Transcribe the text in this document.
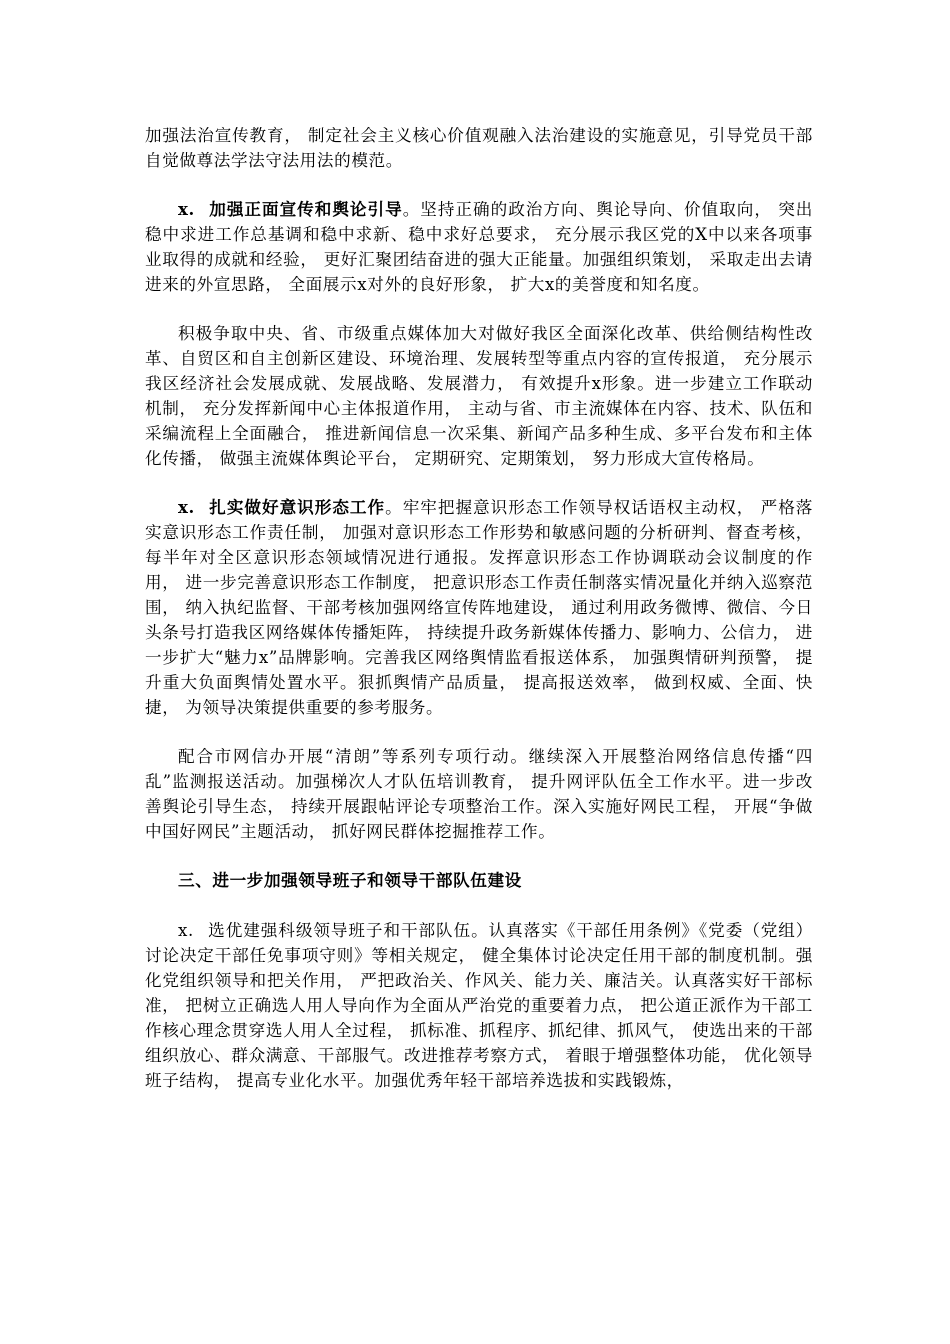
加强法治宣传教育， 制定社会主义核心价值观融入法治建设的实施意见，引导党员干部自觉做尊法学法守法用法的模范。

x. 加强正面宣传和舆论引导。坚持正确的政治方向、舆论导向、价值取向， 突出稳中求进工作总基调和稳中求新、稳中求好总要求， 充分展示我区党的X中以来各项事业取得的成就和经验， 更好汇聚团结奋进的强大正能量。加强组织策划， 采取走出去请进来的外宣思路， 全面展示x对外的良好形象， 扩大x的美誉度和知名度。

积极争取中央、省、市级重点媒体加大对做好我区全面深化改革、供给侧结构性改革、自贸区和自主创新区建设、环境治理、发展转型等重点内容的宣传报道， 充分展示我区经济社会发展成就、发展战略、发展潜力， 有效提升x形象。进一步建立工作联动机制， 充分发挥新闻中心主体报道作用， 主动与省、市主流媒体在内容、技术、队伍和采编流程上全面融合， 推进新闻信息一次采集、新闻产品多种生成、多平台发布和主体化传播， 做强主流媒体舆论平台， 定期研究、定期策划， 努力形成大宣传格局。

x. 扎实做好意识形态工作。牢牢把握意识形态工作领导权话语权主动权， 严格落实意识形态工作责任制， 加强对意识形态工作形势和敏感问题的分析研判、督查考核， 每半年对全区意识形态领域情况进行通报。发挥意识形态工作协调联动会议制度的作用， 进一步完善意识形态工作制度， 把意识形态工作责任制落实情况量化并纳入巡察范围， 纳入执纪监督、干部考核加强网络宣传阵地建设， 通过利用政务微博、微信、今日头条号打造我区网络媒体传播矩阵， 持续提升政务新媒体传播力、影响力、公信力， 进一步扩大“魅力x”品牌影响。完善我区网络舆情监看报送体系， 加强舆情研判预警， 提升重大负面舆情处置水平。狠抓舆情产品质量， 提高报送效率， 做到权威、全面、快捷， 为领导决策提供重要的参考服务。

配合市网信办开展“清朗”等系列专项行动。继续深入开展整治网络信息传播“四乱”监测报送活动。加强梯次人才队伍培训教育， 提升网评队伍全工作水平。进一步改善舆论引导生态， 持续开展跟帖评论专项整治工作。深入实施好网民工程， 开展“争做中国好网民”主题活动， 抓好网民群体挖掘推荐工作。

三、进一步加强领导班子和领导干部队伍建设

x. 选优建强科级领导班子和干部队伍。认真落实《干部任用条例》《党委（党组）讨论决定干部任免事项守则》等相关规定， 健全集体讨论决定任用干部的制度机制。强化党组织领导和把关作用， 严把政治关、作风关、能力关、廉洁关。认真落实好干部标准， 把树立正确选人用人导向作为全面从严治党的重要着力点， 把公道正派作为干部工作核心理念贯穿选人用人全过程， 抓标准、抓程序、抓纪律、抓风气， 使选出来的干部组织放心、群众满意、干部服气。改进推荐考察方式， 着眼于增强整体功能， 优化领导班子结构， 提高专业化水平。加强优秀年轻干部培养选拔和实践锻炼，
